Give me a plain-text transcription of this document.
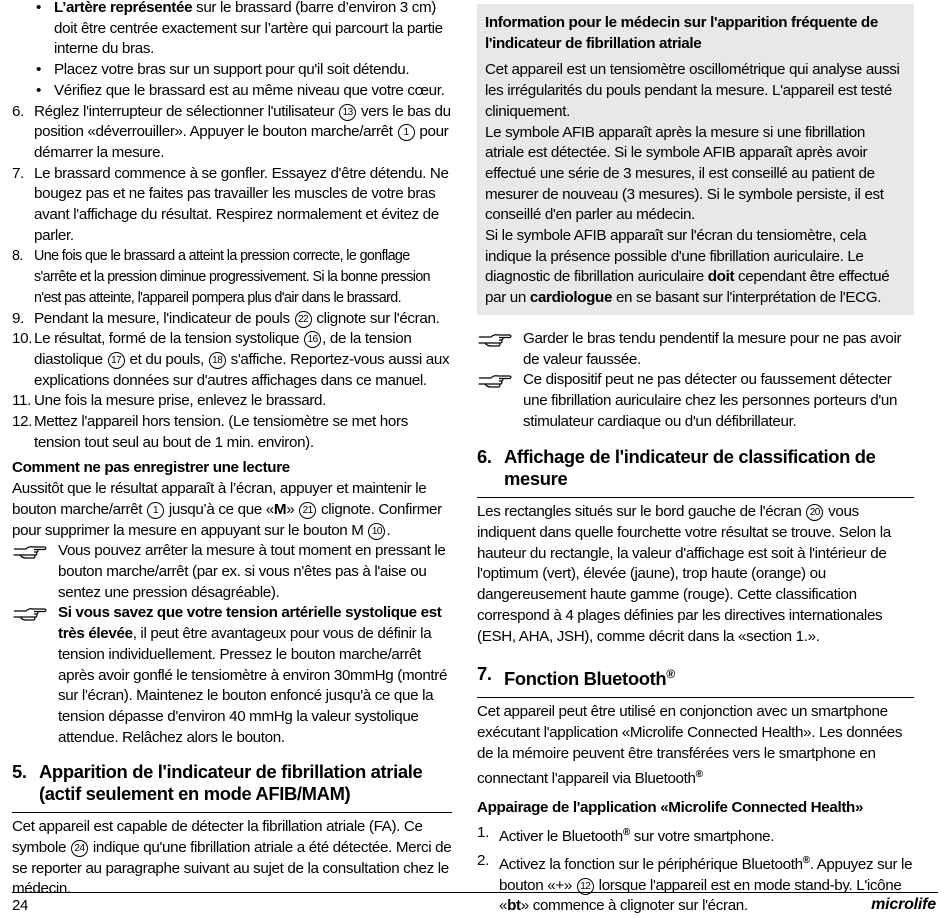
• L’artère représentée sur le brassard (barre d’environ 3 cm) doit être centrée exactement sur l’artère qui parcourt la partie interne du bras.

• Placez votre bras sur un support pour qu'il soit détendu.

• Vérifiez que le brassard est au même niveau que votre cœur.

6. Réglez l'interrupteur de sélectionner l'utilisateur 13 vers le bas du position «déverrouiller». Appuyer le bouton marche/arrêt 1 pour démarrer la mesure.

7. Le brassard commence à se gonfler. Essayez d'être détendu. Ne bougez pas et ne faites pas travailler les muscles de votre bras avant l'affichage du résultat. Respirez normalement et évitez de parler.

8. Une fois que le brassard a atteint la pression correcte, le gonflage s'arrête et la pression diminue progressivement. Si la bonne pression n'est pas atteinte, l'appareil pompera plus d'air dans le brassard.

9. Pendant la mesure, l'indicateur de pouls 22 clignote sur l'écran.

10. Le résultat, formé de la tension systolique 16 , de la tension diastolique 17 et du pouls, 18 s'affiche. Reportez-vous aussi aux explications données sur d'autres affichages dans ce manuel.

11. Une fois la mesure prise, enlevez le brassard.

12. Mettez l'appareil hors tension. (Le tensiomètre se met hors tension tout seul au bout de 1 min. environ).

Comment ne pas enregistrer une lecture

Aussitôt que le résultat apparaît à l’écran, appuyer et maintenir le bouton marche/arrêt 1 jusqu’à ce que «M» 21 clignote. Confirmer pour supprimer la mesure en appuyant sur le bouton M 10 .

Vous pouvez arrêter la mesure à tout moment en pressant le bouton marche/arrêt (par ex. si vous n'êtes pas à l'aise ou sentez une pression désagréable).

Si vous savez que votre tension artérielle systolique est très élevée, il peut être avantageux pour vous de définir la tension individuellement. Pressez le bouton marche/arrêt après avoir gonflé le tensiomètre à environ 30mmHg (montré sur l'écran). Maintenez le bouton enfoncé jusqu'à ce que la tension dépasse d'environ 40 mmHg la valeur systolique attendue. Relâchez alors le bouton.

5. Apparition de l'indicateur de fibrillation atriale (actif seulement en mode AFIB/MAM)

Cet appareil est capable de détecter la fibrillation atriale (FA). Ce symbole 24 indique qu'une fibrillation atriale a été détectée. Merci de se reporter au paragraphe suivant au sujet de la consultation chez le médecin.

Information pour le médecin sur l'apparition fréquente de l'indicateur de fibrillation atriale

Cet appareil est un tensiomètre oscillométrique qui analyse aussi les irrégularités du pouls pendant la mesure. L'appareil est testé cliniquement.

Le symbole AFIB apparaît après la mesure si une fibrillation atriale est détectée. Si le symbole AFIB apparaît après avoir effectué une série de 3 mesures, il est conseillé au patient de mesurer de nouveau (3 mesures). Si le symbole persiste, il est conseillé d'en parler au médecin.

Si le symbole AFIB apparaît sur l'écran du tensiomètre, cela indique la présence possible d'une fibrillation auriculaire. Le diagnostic de fibrillation auriculaire doit cependant être effectué par un cardiologue en se basant sur l'interprétation de l'ECG.

Garder le bras tendu pendentif la mesure pour ne pas avoir de valeur faussée.

Ce dispositif peut ne pas détecter ou faussement détecter une fibrillation auriculaire chez les personnes porteurs d'un stimulateur cardiaque ou d'un défibrillateur.

6. Affichage de l'indicateur de classification de mesure

Les rectangles situés sur le bord gauche de l'écran 20 vous indiquent dans quelle fourchette votre résultat se trouve. Selon la hauteur du rectangle, la valeur d'affichage est soit à l'intérieur de l'optimum (vert), élevée (jaune), trop haute (orange) ou dangereusement haute gamme (rouge). Cette classification correspond à 4 plages définies par les directives internationales (ESH, AHA, JSH), comme décrit dans la «section 1.».

7. Fonction Bluetooth®

Cet appareil peut être utilisé en conjonction avec un smartphone exécutant l'application «Microlife Connected Health». Les données de la mémoire peuvent être transférées vers le smartphone en connectant l'appareil via Bluetooth®

Appairage de l'application «Microlife Connected Health»

1. Activer le Bluetooth® sur votre smartphone.

2. Activez la fonction sur le périphérique Bluetooth®. Appuyez sur le bouton «+» 12 lorsque l'appareil est en mode stand-by. L'icône «bt» commence à clignoter sur l'écran.

24	microlife
